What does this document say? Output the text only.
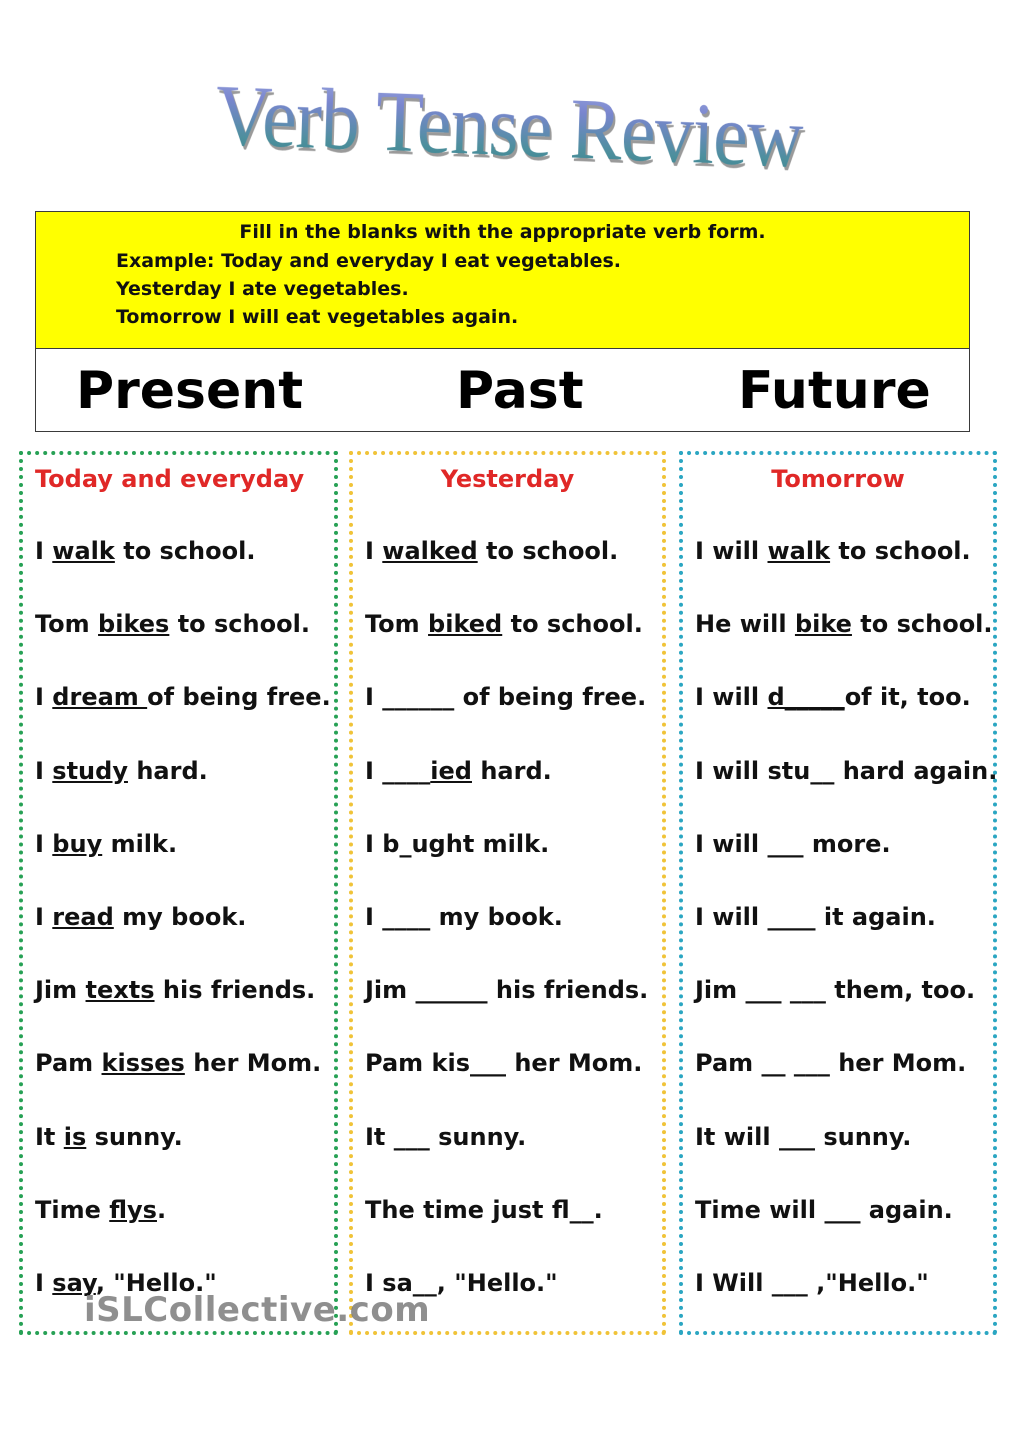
Verb Tense Review
Fill in the blanks with the appropriate verb form.
Example: Today and everyday I eat vegetables.
Yesterday I ate vegetables.
Tomorrow I will eat vegetables again.
Present	Past	Future
Today and everyday
I walk to school.
Tom bikes to school.
I dream of being free.
I study hard.
I buy milk.
I read my book.
Jim texts his friends.
Pam kisses her Mom.
It is sunny.
Time flys.
I say, "Hello."
Yesterday
I walked to school.
Tom biked to school.
I ______ of being free.
I ____ied hard.
I b_ught milk.
I ____ my book.
Jim ______ his friends.
Pam kis___ her Mom.
It ___ sunny.
The time just fl__.
I sa__, "Hello."
Tomorrow
I will walk to school.
He will bike to school.
I will d_____of it, too.
I will stu__ hard again.
I will ___ more.
I will ____ it again.
Jim ___ ___ them, too.
Pam __ ___ her Mom.
It will ___ sunny.
Time will ___ again.
I Will ___ ,"Hello."
iSLCollective.com
